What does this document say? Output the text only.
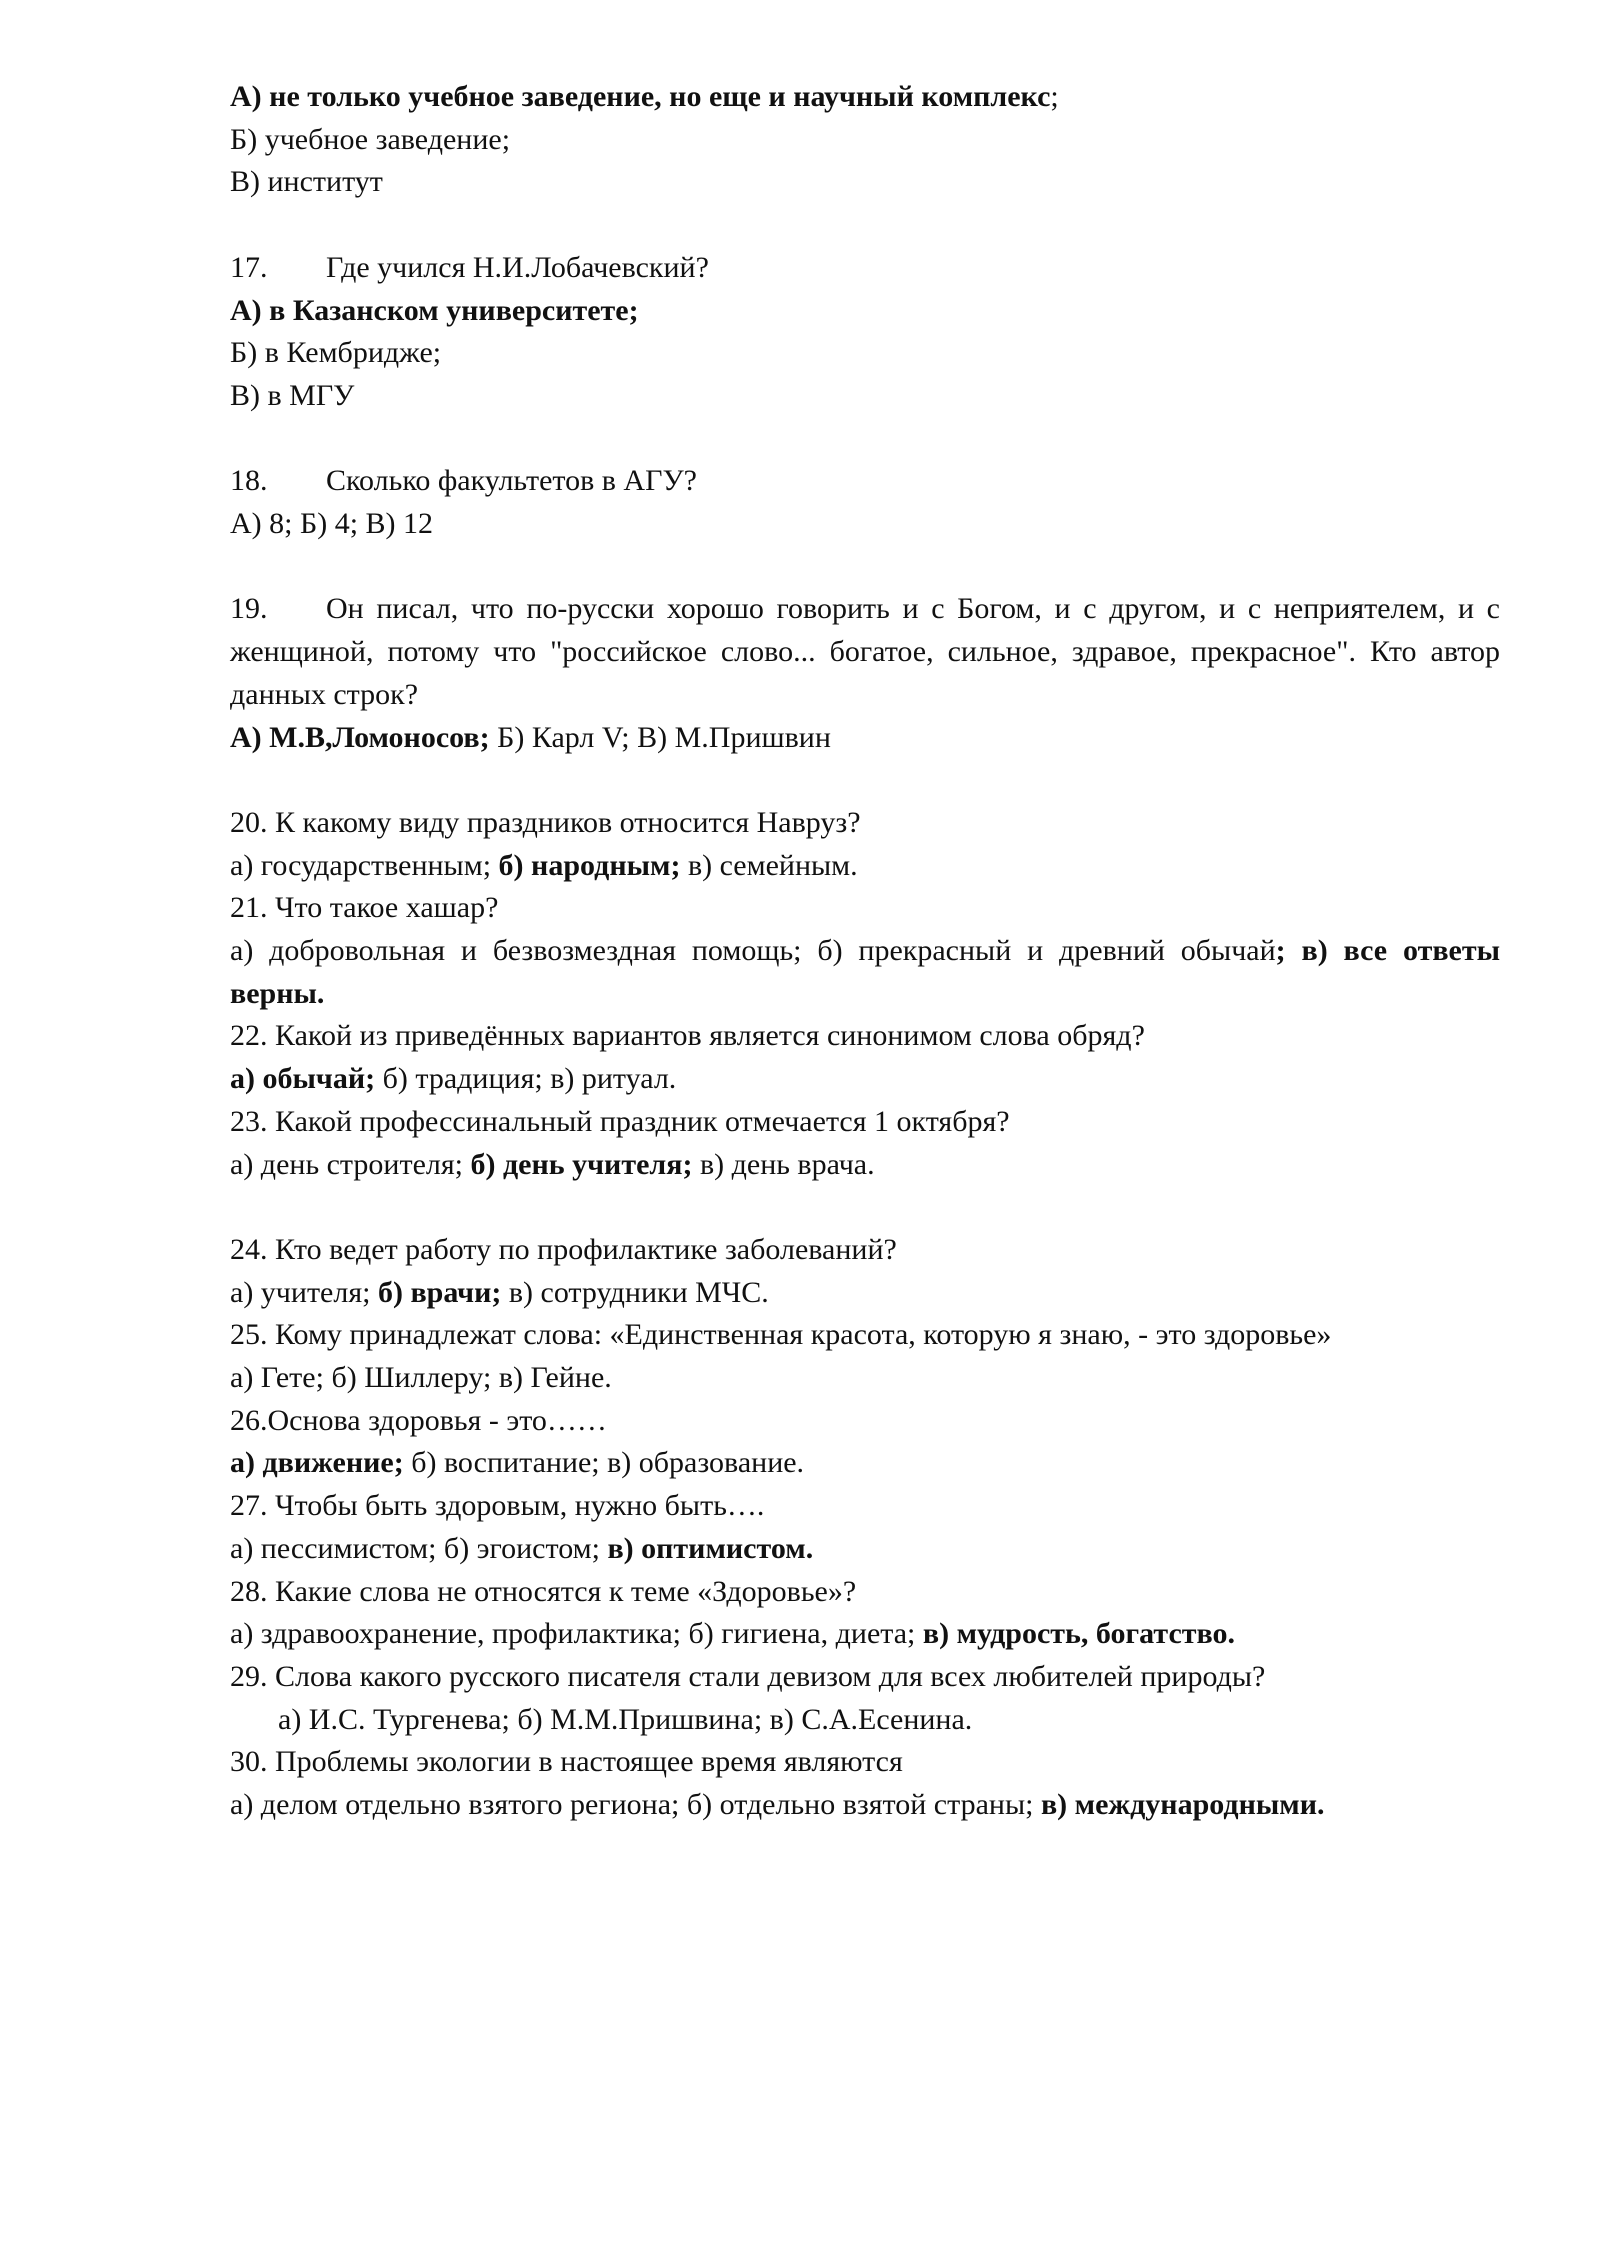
А) не только учебное заведение, но еще и научный комплекс;
Б) учебное заведение;
В) институт
17. Где учился Н.И.Лобачевский?
А) в Казанском университете;
Б) в Кембридже;
В) в МГУ
18. Сколько факультетов в АГУ?
А) 8; Б) 4; В) 12
19. Он писал, что по-русски хорошо говорить и с Богом, и с другом, и с неприятелем, и с женщиной, потому что "российское слово... богатое, сильное, здравое, прекрасное". Кто автор данных строк?
А) М.В,Ломоносов; Б) Карл V; В) М.Пришвин
20. К какому виду праздников относится Навруз?
а) государственным; б) народным; в) семейным.
21. Что такое хашар?
а) добровольная и безвозмездная помощь; б) прекрасный и древний обычай; в) все ответы верны.
22. Какой из приведённых вариантов является синонимом слова обряд?
а) обычай; б) традиция; в) ритуал.
23. Какой профессинальный праздник отмечается 1 октября?
а) день строителя; б) день учителя; в) день врача.
24. Кто ведет работу по профилактике заболеваний?
а) учителя; б) врачи; в) сотрудники МЧС.
25. Кому принадлежат слова: «Единственная красота, которую я знаю, - это здоровье»
а) Гете; б) Шиллеру; в) Гейне.
26.Основа здоровья - это……
а) движение; б) воспитание; в) образование.
27. Чтобы быть здоровым, нужно быть….
а) пессимистом; б) эгоистом; в) оптимистом.
28. Какие слова не относятся к теме «Здоровье»?
а) здравоохранение, профилактика; б) гигиена, диета; в) мудрость, богатство.
29. Слова какого русского писателя стали девизом для всех любителей природы?
а) И.С. Тургенева; б) М.М.Пришвина; в) С.А.Есенина.
30. Проблемы экологии в настоящее время являются
а) делом отдельно взятого региона; б) отдельно взятой страны; в) международными.
